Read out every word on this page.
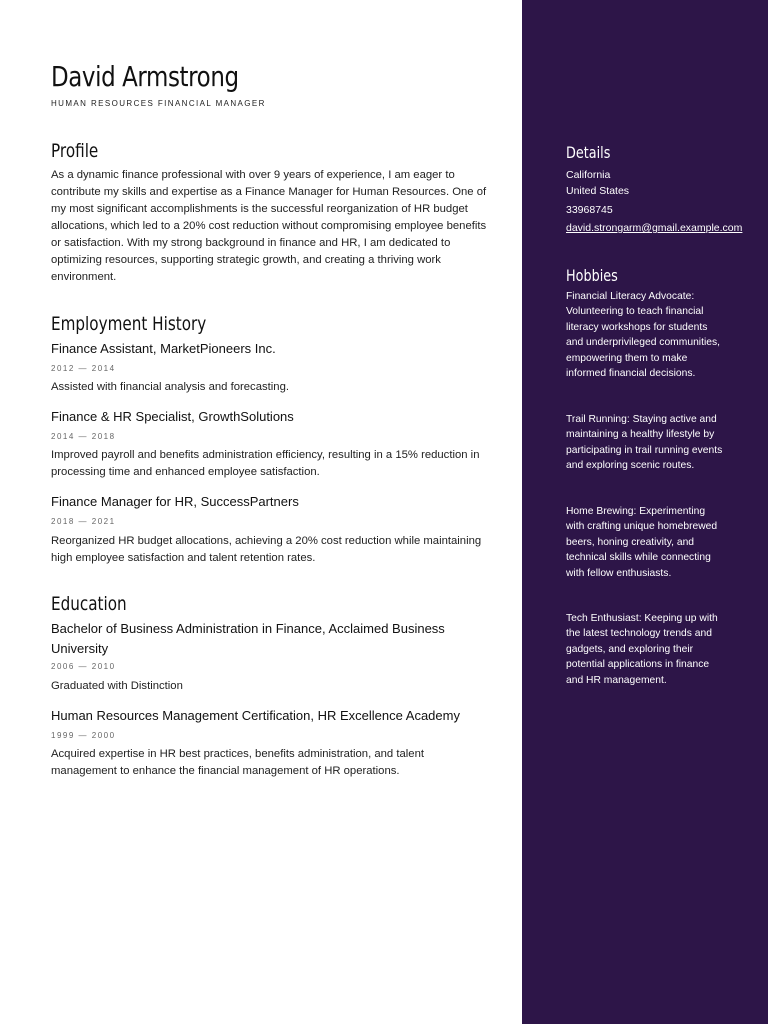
David Armstrong
HUMAN RESOURCES FINANCIAL MANAGER
Profile
As a dynamic finance professional with over 9 years of experience, I am eager to contribute my skills and expertise as a Finance Manager for Human Resources. One of my most significant accomplishments is the successful reorganization of HR budget allocations, which led to a 20% cost reduction without compromising employee benefits or satisfaction. With my strong background in finance and HR, I am dedicated to optimizing resources, supporting strategic growth, and creating a thriving work environment.
Employment History
Finance Assistant, MarketPioneers Inc.
2012 — 2014
Assisted with financial analysis and forecasting.
Finance & HR Specialist, GrowthSolutions
2014 — 2018
Improved payroll and benefits administration efficiency, resulting in a 15% reduction in processing time and enhanced employee satisfaction.
Finance Manager for HR, SuccessPartners
2018 — 2021
Reorganized HR budget allocations, achieving a 20% cost reduction while maintaining high employee satisfaction and talent retention rates.
Education
Bachelor of Business Administration in Finance, Acclaimed Business University
2006 — 2010
Graduated with Distinction
Human Resources Management Certification, HR Excellence Academy
1999 — 2000
Acquired expertise in HR best practices, benefits administration, and talent management to enhance the financial management of HR operations.
Details
California
United States
33968745
david.strongarm@gmail.example.com
Hobbies
Financial Literacy Advocate: Volunteering to teach financial literacy workshops for students and underprivileged communities, empowering them to make informed financial decisions.
Trail Running: Staying active and maintaining a healthy lifestyle by participating in trail running events and exploring scenic routes.
Home Brewing: Experimenting with crafting unique homebrewed beers, honing creativity, and technical skills while connecting with fellow enthusiasts.
Tech Enthusiast: Keeping up with the latest technology trends and gadgets, and exploring their potential applications in finance and HR management.
